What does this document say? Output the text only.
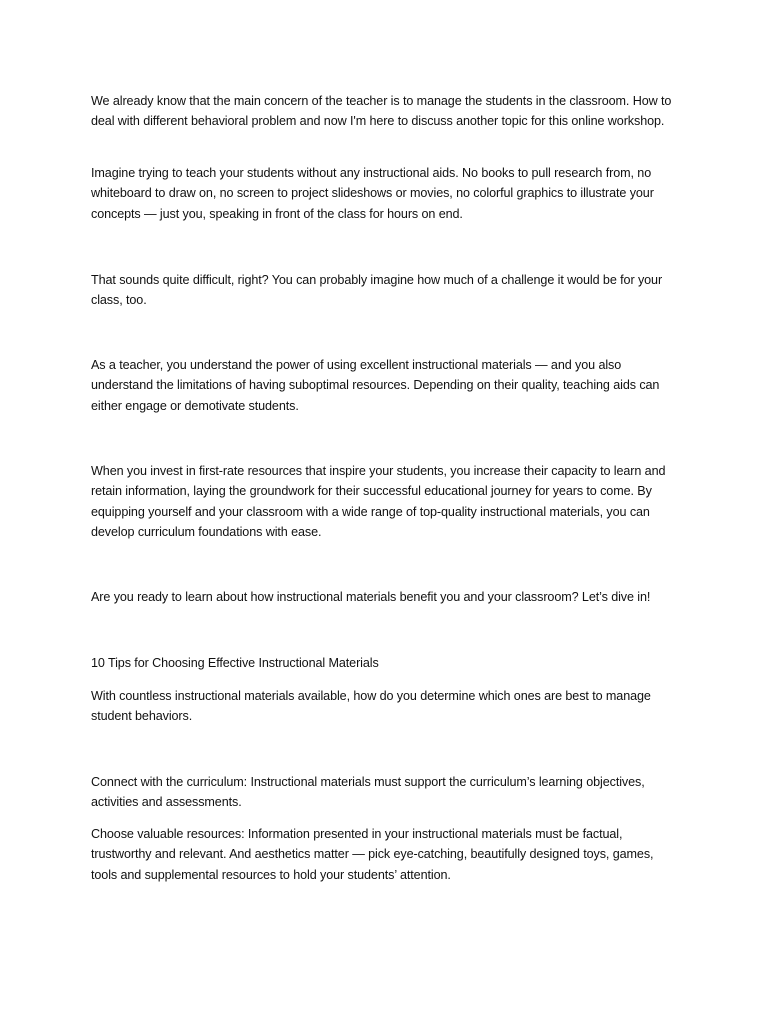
We already know that the main concern of the teacher is to manage the students in the classroom. How to deal with different behavioral problem and now I'm here to discuss another topic for this online workshop.

Imagine trying to teach your students without any instructional aids. No books to pull research from, no whiteboard to draw on, no screen to project slideshows or movies, no colorful graphics to illustrate your concepts — just you, speaking in front of the class for hours on end.

That sounds quite difficult, right? You can probably imagine how much of a challenge it would be for your class, too.

As a teacher, you understand the power of using excellent instructional materials — and you also understand the limitations of having suboptimal resources. Depending on their quality, teaching aids can either engage or demotivate students.

When you invest in first-rate resources that inspire your students, you increase their capacity to learn and retain information, laying the groundwork for their successful educational journey for years to come. By equipping yourself and your classroom with a wide range of top-quality instructional materials, you can develop curriculum foundations with ease.

Are you ready to learn about how instructional materials benefit you and your classroom? Let’s dive in!

10 Tips for Choosing Effective Instructional Materials

With countless instructional materials available, how do you determine which ones are best to manage student behaviors.

Connect with the curriculum: Instructional materials must support the curriculum’s learning objectives, activities and assessments.

Choose valuable resources: Information presented in your instructional materials must be factual, trustworthy and relevant. And aesthetics matter — pick eye-catching, beautifully designed toys, games, tools and supplemental resources to hold your students’ attention.
